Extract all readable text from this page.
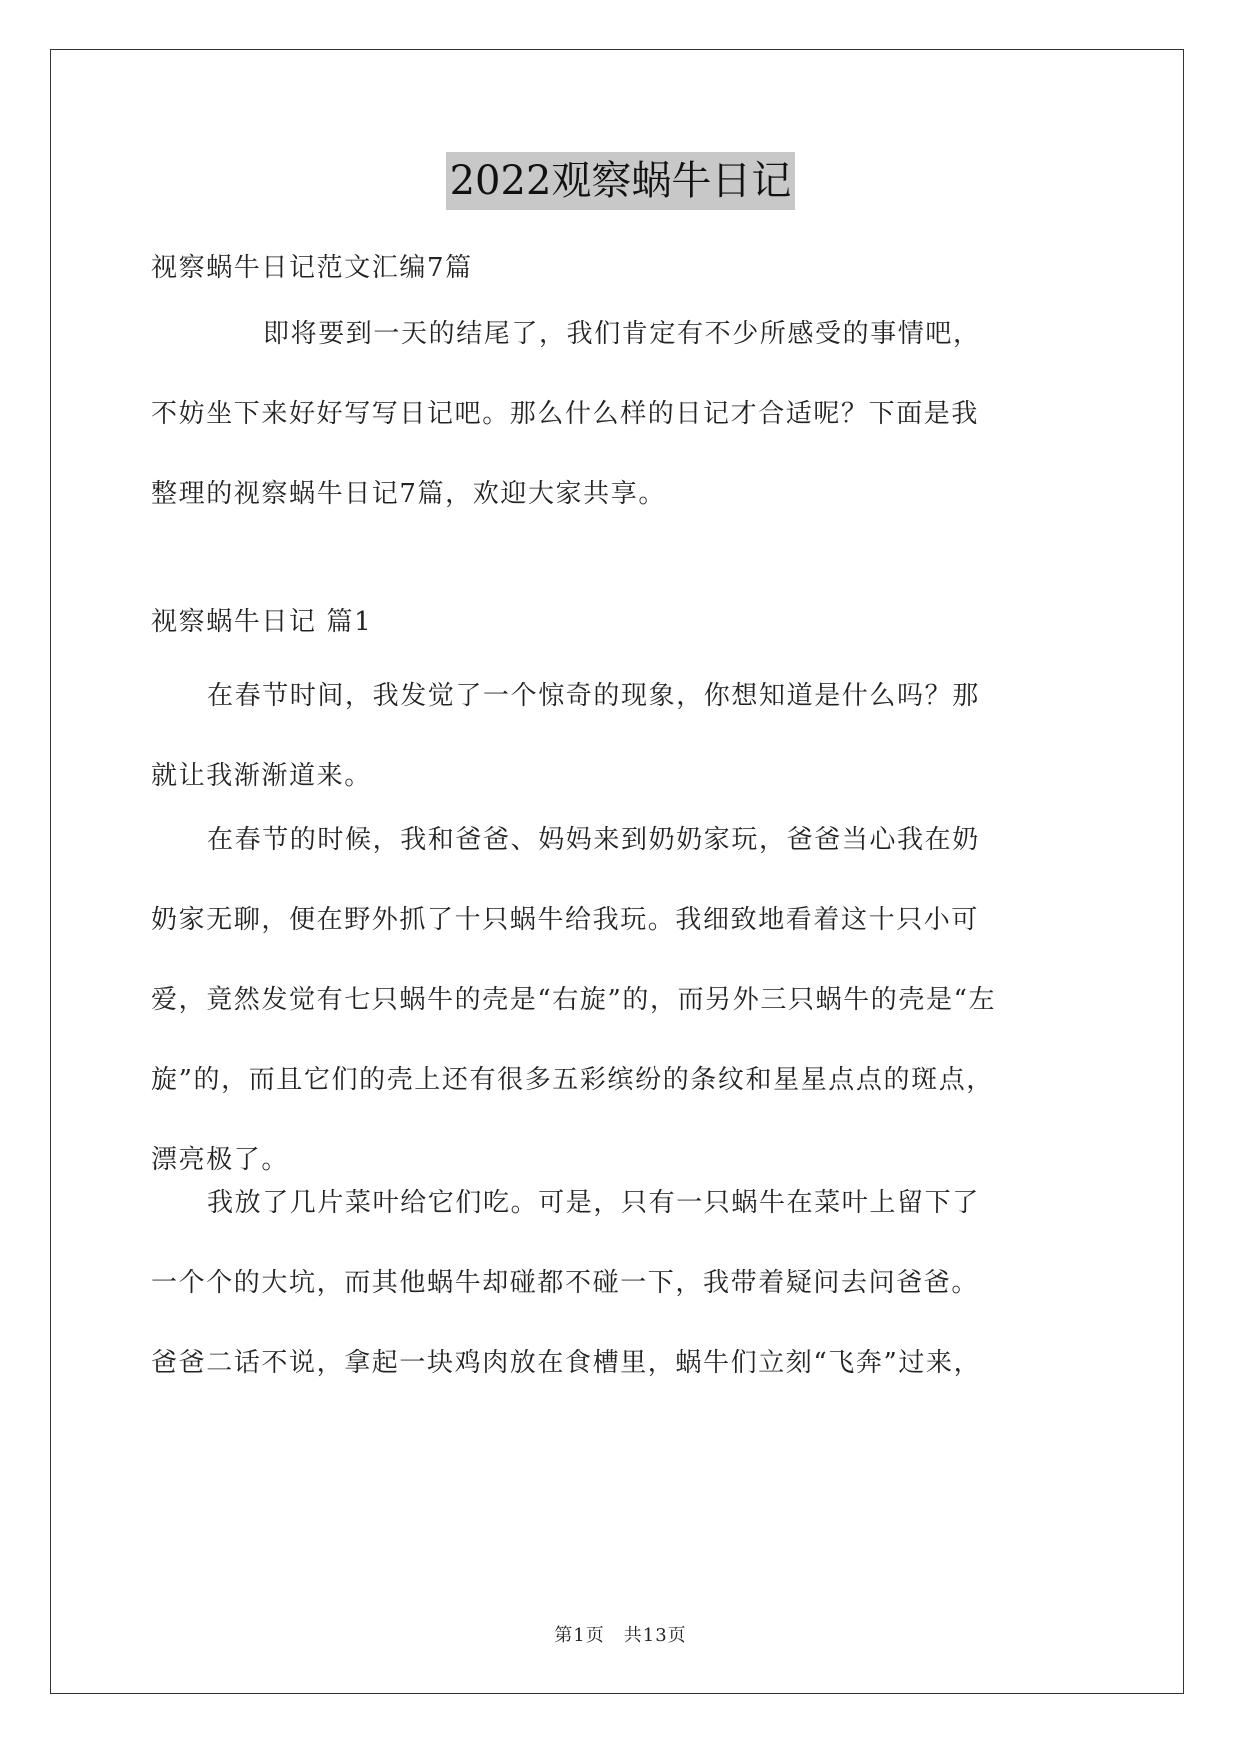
2022观察蜗牛日记
视察蜗牛日记范文汇编7篇
即将要到一天的结尾了，我们肯定有不少所感受的事情吧，
不妨坐下来好好写写日记吧。那么什么样的日记才合适呢？下面是我
整理的视察蜗牛日记7篇，欢迎大家共享。
视察蜗牛日记 篇1
在春节时间，我发觉了一个惊奇的现象，你想知道是什么吗？那
就让我渐渐道来。
在春节的时候，我和爸爸、妈妈来到奶奶家玩，爸爸当心我在奶
奶家无聊，便在野外抓了十只蜗牛给我玩。我细致地看着这十只小可
爱，竟然发觉有七只蜗牛的壳是“右旋”的，而另外三只蜗牛的壳是“左
旋”的，而且它们的壳上还有很多五彩缤纷的条纹和星星点点的斑点，
漂亮极了。
我放了几片菜叶给它们吃。可是，只有一只蜗牛在菜叶上留下了
一个个的大坑，而其他蜗牛却碰都不碰一下，我带着疑问去问爸爸。
爸爸二话不说，拿起一块鸡肉放在食槽里，蜗牛们立刻“飞奔”过来，
第1页　共13页
